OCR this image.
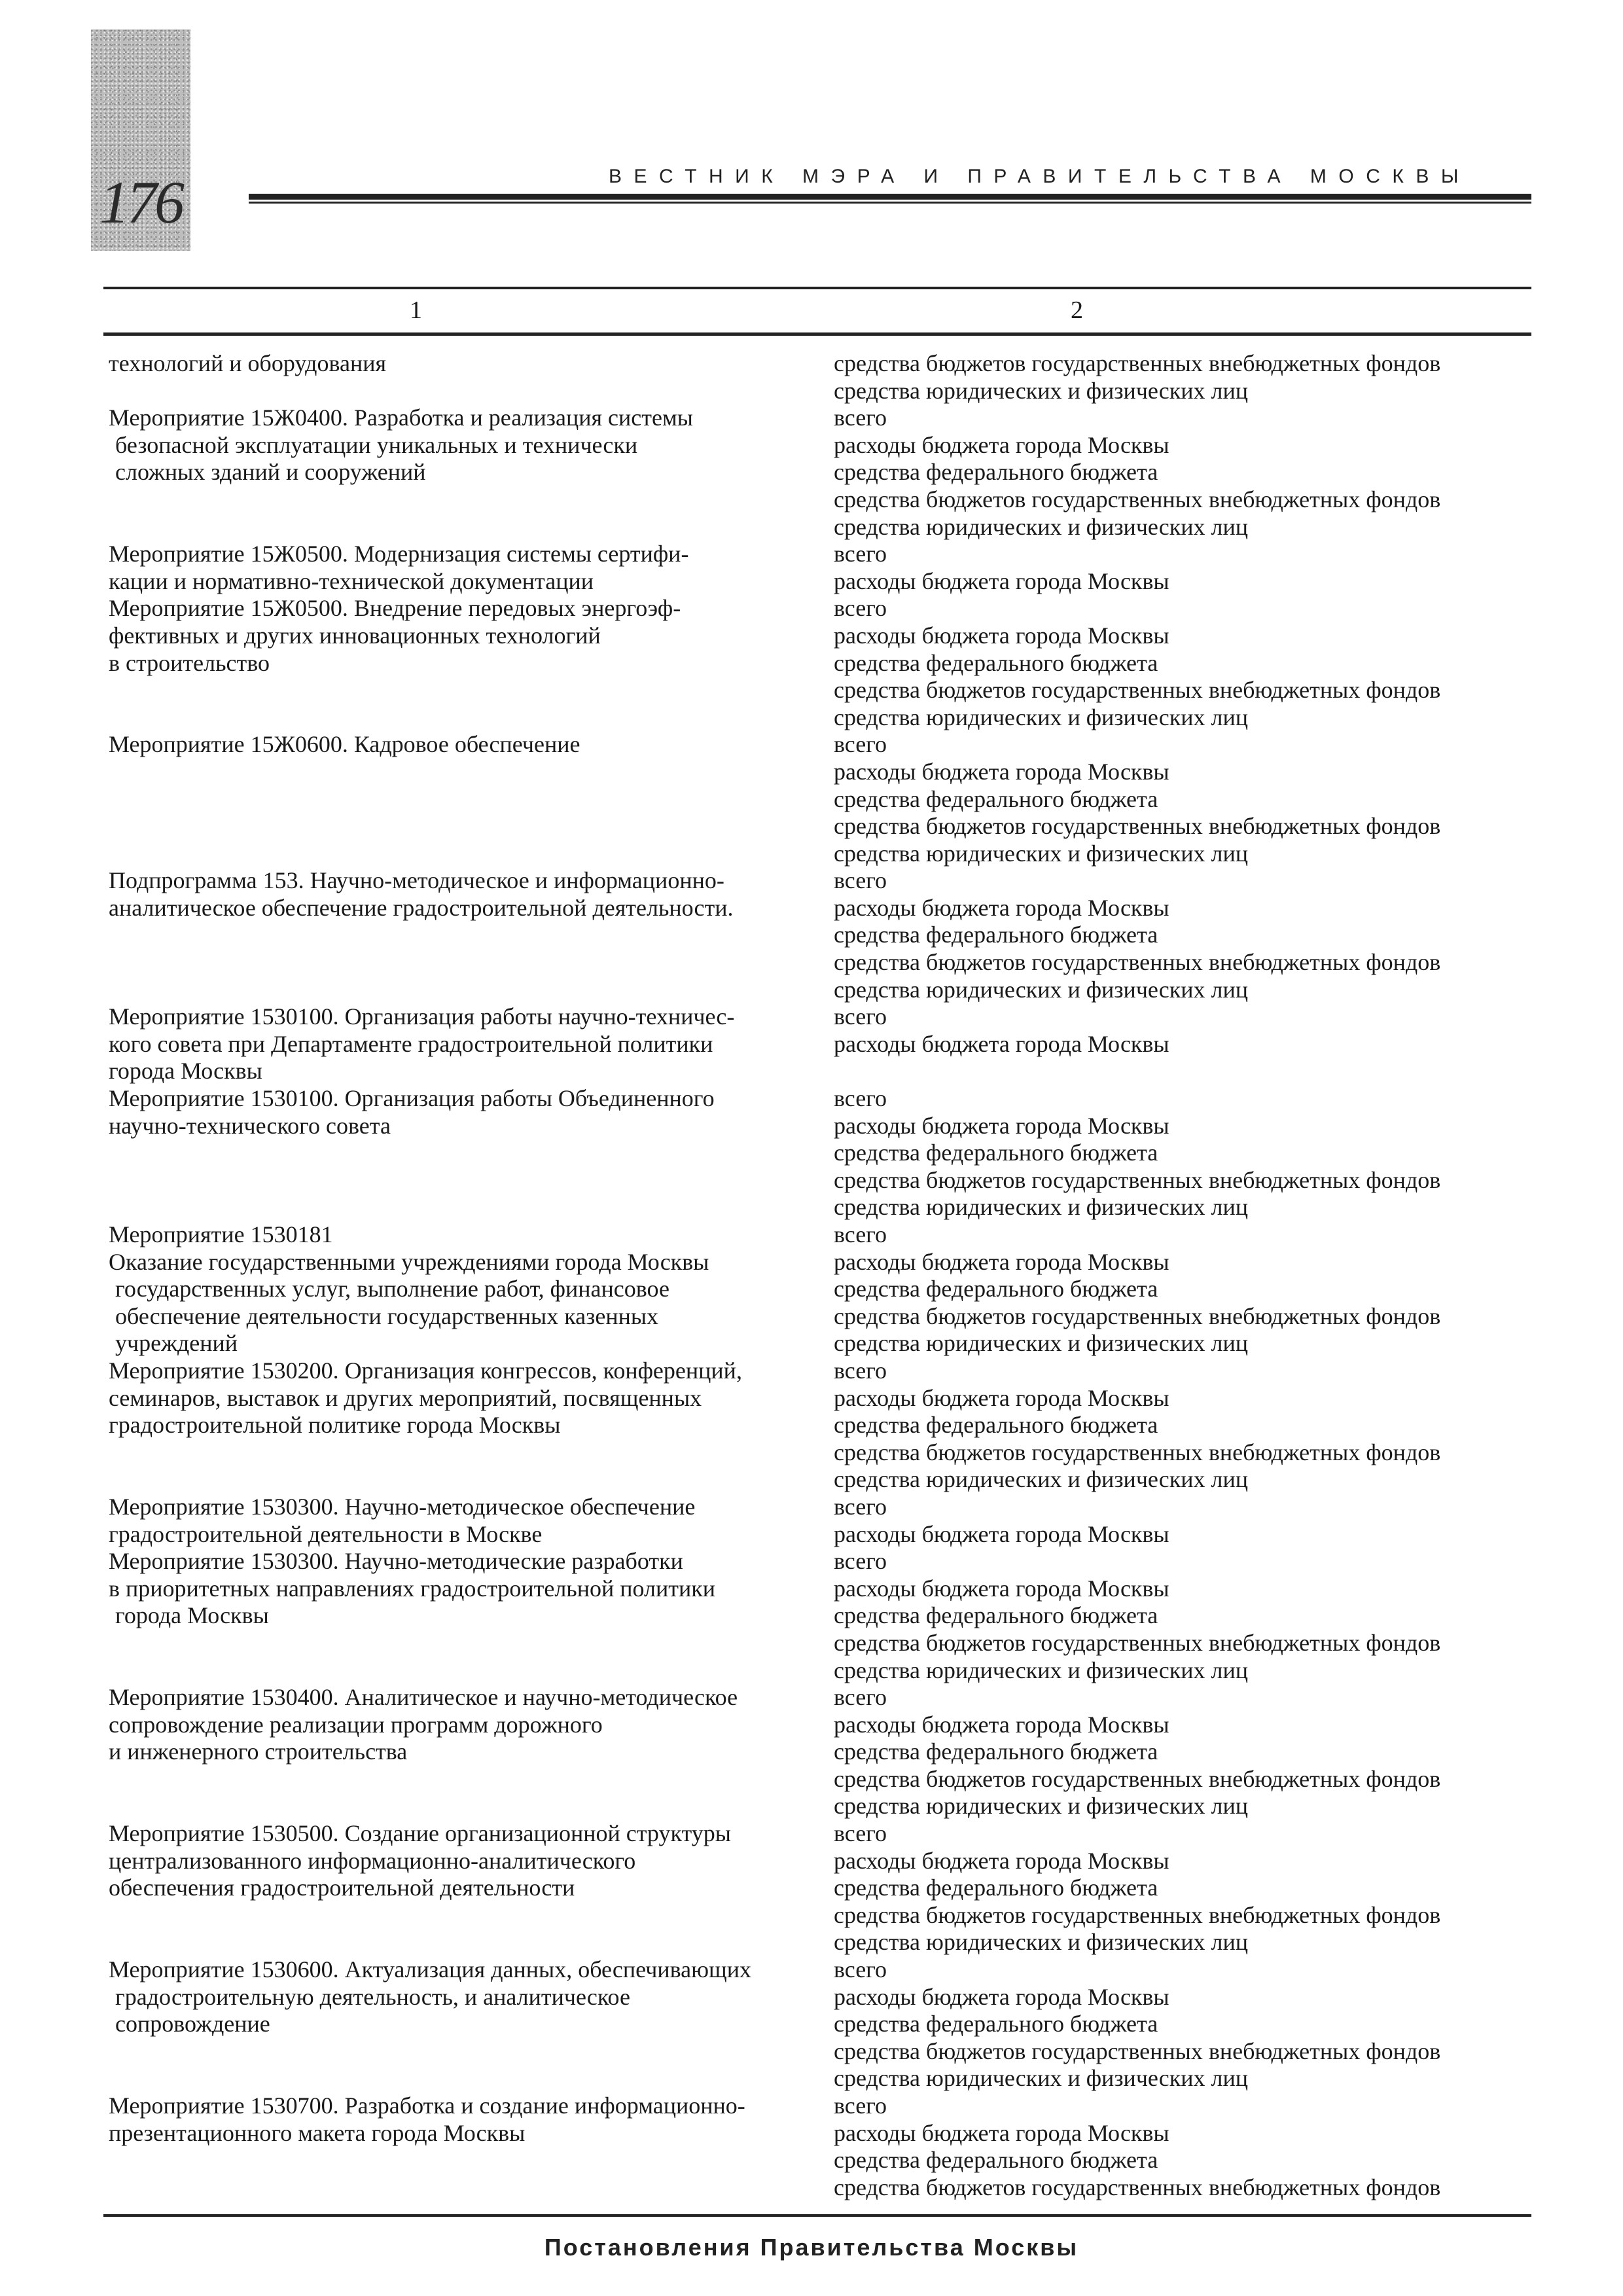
176	ВЕСТНИК МЭРА И ПРАВИТЕЛЬСТВА МОСКВЫ
1	2
технологий и оборудования
Мероприятие 15Ж0400. Разработка и реализация системы
безопасной эксплуатации уникальных и технически
сложных зданий и сооружений
Мероприятие 15Ж0500. Модернизация системы сертифи-
кации и нормативно-технической документации
Мероприятие 15Ж0500. Внедрение передовых энергоэф-
фективных и других инновационных технологий
в строительство
Мероприятие 15Ж0600. Кадровое обеспечение
Подпрограмма 153. Научно-методическое и информационно-
аналитическое обеспечение градостроительной деятельности.
Мероприятие 1530100. Организация работы научно-техничес-
кого совета при Департаменте градостроительной политики
города Москвы
Мероприятие 1530100. Организация работы Объединенного
научно-технического совета
Мероприятие 1530181
Оказание государственными учреждениями города Москвы
государственных услуг, выполнение работ, финансовое
обеспечение деятельности государственных казенных
учреждений
Мероприятие 1530200. Организация конгрессов, конференций,
семинаров, выставок и других мероприятий, посвященных
градостроительной политике города Москвы
Мероприятие 1530300. Научно-методическое обеспечение
градостроительной деятельности в Москве
Мероприятие 1530300. Научно-методические разработки
в приоритетных направлениях градостроительной политики
города Москвы
Мероприятие 1530400. Аналитическое и научно-методическое
сопровождение реализации программ дорожного
и инженерного строительства
Мероприятие 1530500. Создание организационной структуры
централизованного информационно-аналитического
обеспечения градостроительной деятельности
Мероприятие 1530600. Актуализация данных, обеспечивающих
градостроительную деятельность, и аналитическое
сопровождение
Мероприятие 1530700. Разработка и создание информационно-
презентационного макета города Москвы
средства бюджетов государственных внебюджетных фондов
средства юридических и физических лиц
всего
расходы бюджета города Москвы
средства федерального бюджета
средства бюджетов государственных внебюджетных фондов
средства юридических и физических лиц
всего
расходы бюджета города Москвы
всего
расходы бюджета города Москвы
средства федерального бюджета
средства бюджетов государственных внебюджетных фондов
средства юридических и физических лиц
всего
расходы бюджета города Москвы
средства федерального бюджета
средства бюджетов государственных внебюджетных фондов
средства юридических и физических лиц
всего
расходы бюджета города Москвы
средства федерального бюджета
средства бюджетов государственных внебюджетных фондов
средства юридических и физических лиц
всего
расходы бюджета города Москвы
всего
расходы бюджета города Москвы
средства федерального бюджета
средства бюджетов государственных внебюджетных фондов
средства юридических и физических лиц
всего
расходы бюджета города Москвы
средства федерального бюджета
средства бюджетов государственных внебюджетных фондов
средства юридических и физических лиц
всего
расходы бюджета города Москвы
средства федерального бюджета
средства бюджетов государственных внебюджетных фондов
средства юридических и физических лиц
всего
расходы бюджета города Москвы
всего
расходы бюджета города Москвы
средства федерального бюджета
средства бюджетов государственных внебюджетных фондов
средства юридических и физических лиц
всего
расходы бюджета города Москвы
средства федерального бюджета
средства бюджетов государственных внебюджетных фондов
средства юридических и физических лиц
всего
расходы бюджета города Москвы
средства федерального бюджета
средства бюджетов государственных внебюджетных фондов
средства юридических и физических лиц
всего
расходы бюджета города Москвы
средства федерального бюджета
средства бюджетов государственных внебюджетных фондов
средства юридических и физических лиц
всего
расходы бюджета города Москвы
средства федерального бюджета
средства бюджетов государственных внебюджетных фондов
Постановления Правительства Москвы
